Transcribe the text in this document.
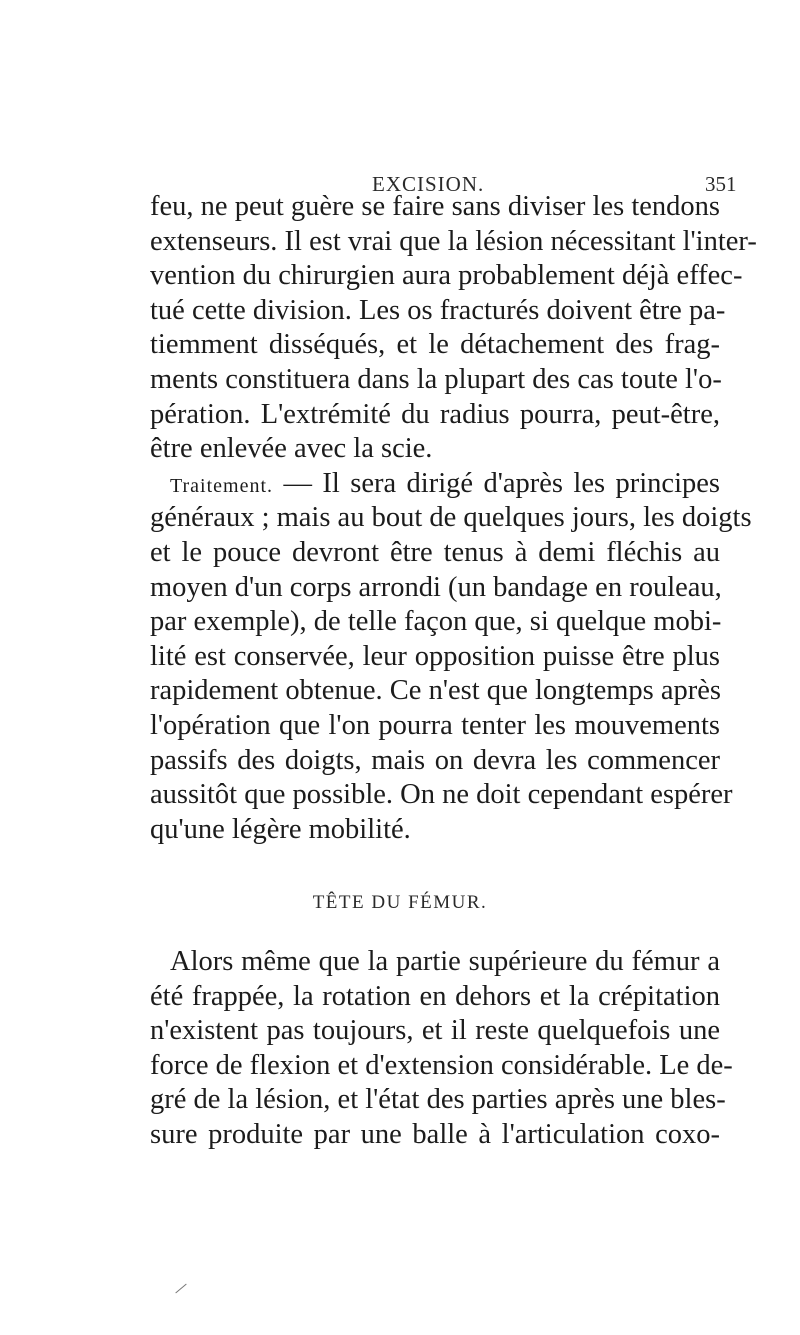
EXCISION.	351
feu, ne peut guère se faire sans diviser les tendons
extenseurs. Il est vrai que la lésion nécessitant l'inter-
vention du chirurgien aura probablement déjà effec-
tué cette division. Les os fracturés doivent être pa-
tiemment disséqués, et le détachement des frag-
ments constituera dans la plupart des cas toute l'o-
pération. L'extrémité du radius pourra, peut-être,
être enlevée avec la scie.
Traitement. — Il sera dirigé d'après les principes
généraux ; mais au bout de quelques jours, les doigts
et le pouce devront être tenus à demi fléchis au
moyen d'un corps arrondi (un bandage en rouleau,
par exemple), de telle façon que, si quelque mobi-
lité est conservée, leur opposition puisse être plus
rapidement obtenue. Ce n'est que longtemps après
l'opération que l'on pourra tenter les mouvements
passifs des doigts, mais on devra les commencer
aussitôt que possible. On ne doit cependant espérer
qu'une légère mobilité.
TÊTE DU FÉMUR.
Alors même que la partie supérieure du fémur a
été frappée, la rotation en dehors et la crépitation
n'existent pas toujours, et il reste quelquefois une
force de flexion et d'extension considérable. Le de-
gré de la lésion, et l'état des parties après une bles-
sure produite par une balle à l'articulation coxo-
